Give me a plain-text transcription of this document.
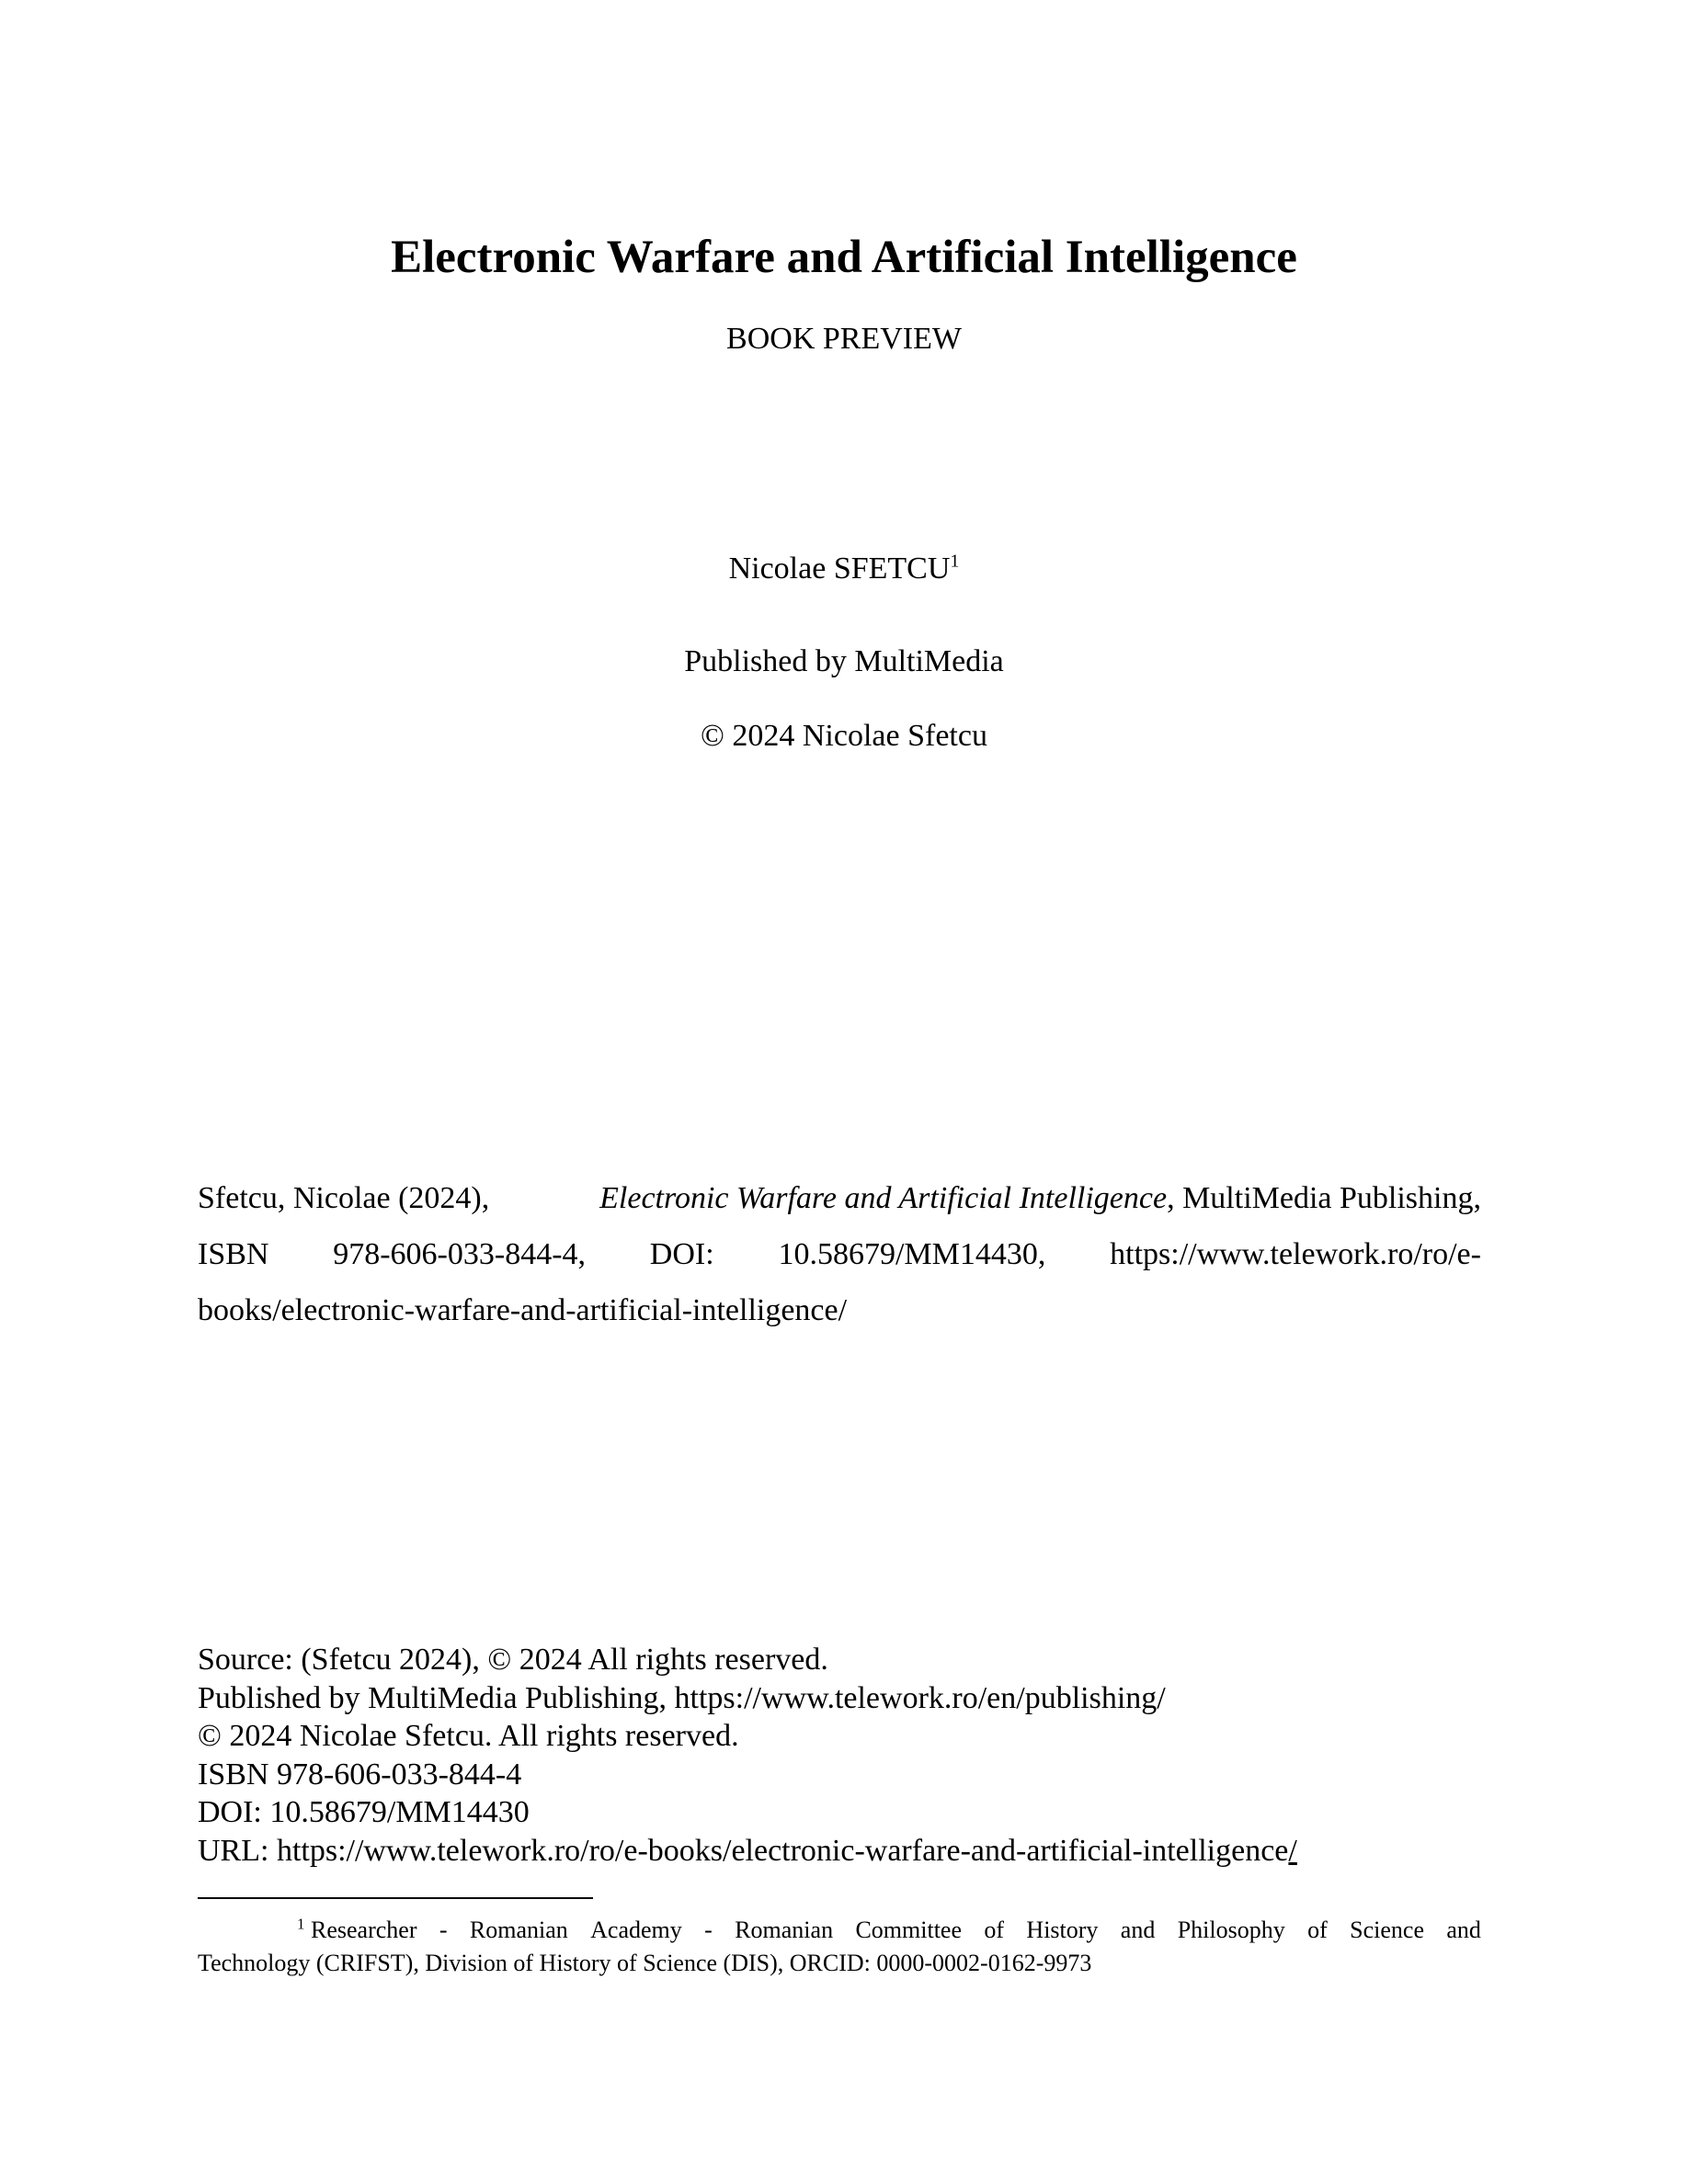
Electronic Warfare and Artificial Intelligence

BOOK PREVIEW

Nicolae SFETCU$^1$

Published by MultiMedia

© 2024 Nicolae Sfetcu

Sfetcu, Nicolae (2024),	Electronic Warfare and Artificial Intelligence, MultiMedia Publishing,
ISBN 978-606-033-844-4, DOI: 10.58679/MM14430, https://www.telework.ro/ro/e-
books/electronic-warfare-and-artificial-intelligence/
Source: (Sfetcu 2024), © 2024 All rights reserved.
Published by MultiMedia Publishing, https://www.telework.ro/en/publishing/
© 2024 Nicolae Sfetcu. All rights reserved.
ISBN 978-606-033-844-4
DOI: 10.58679/MM14430
URL: https://www.telework.ro/ro/e-books/electronic-warfare-and-artificial-intelligence/
$^1$ Researcher - Romanian Academy - Romanian Committee of History and Philosophy of Science and
Technology (CRIFST), Division of History of Science (DIS), ORCID: 0000-0002-0162-9973
